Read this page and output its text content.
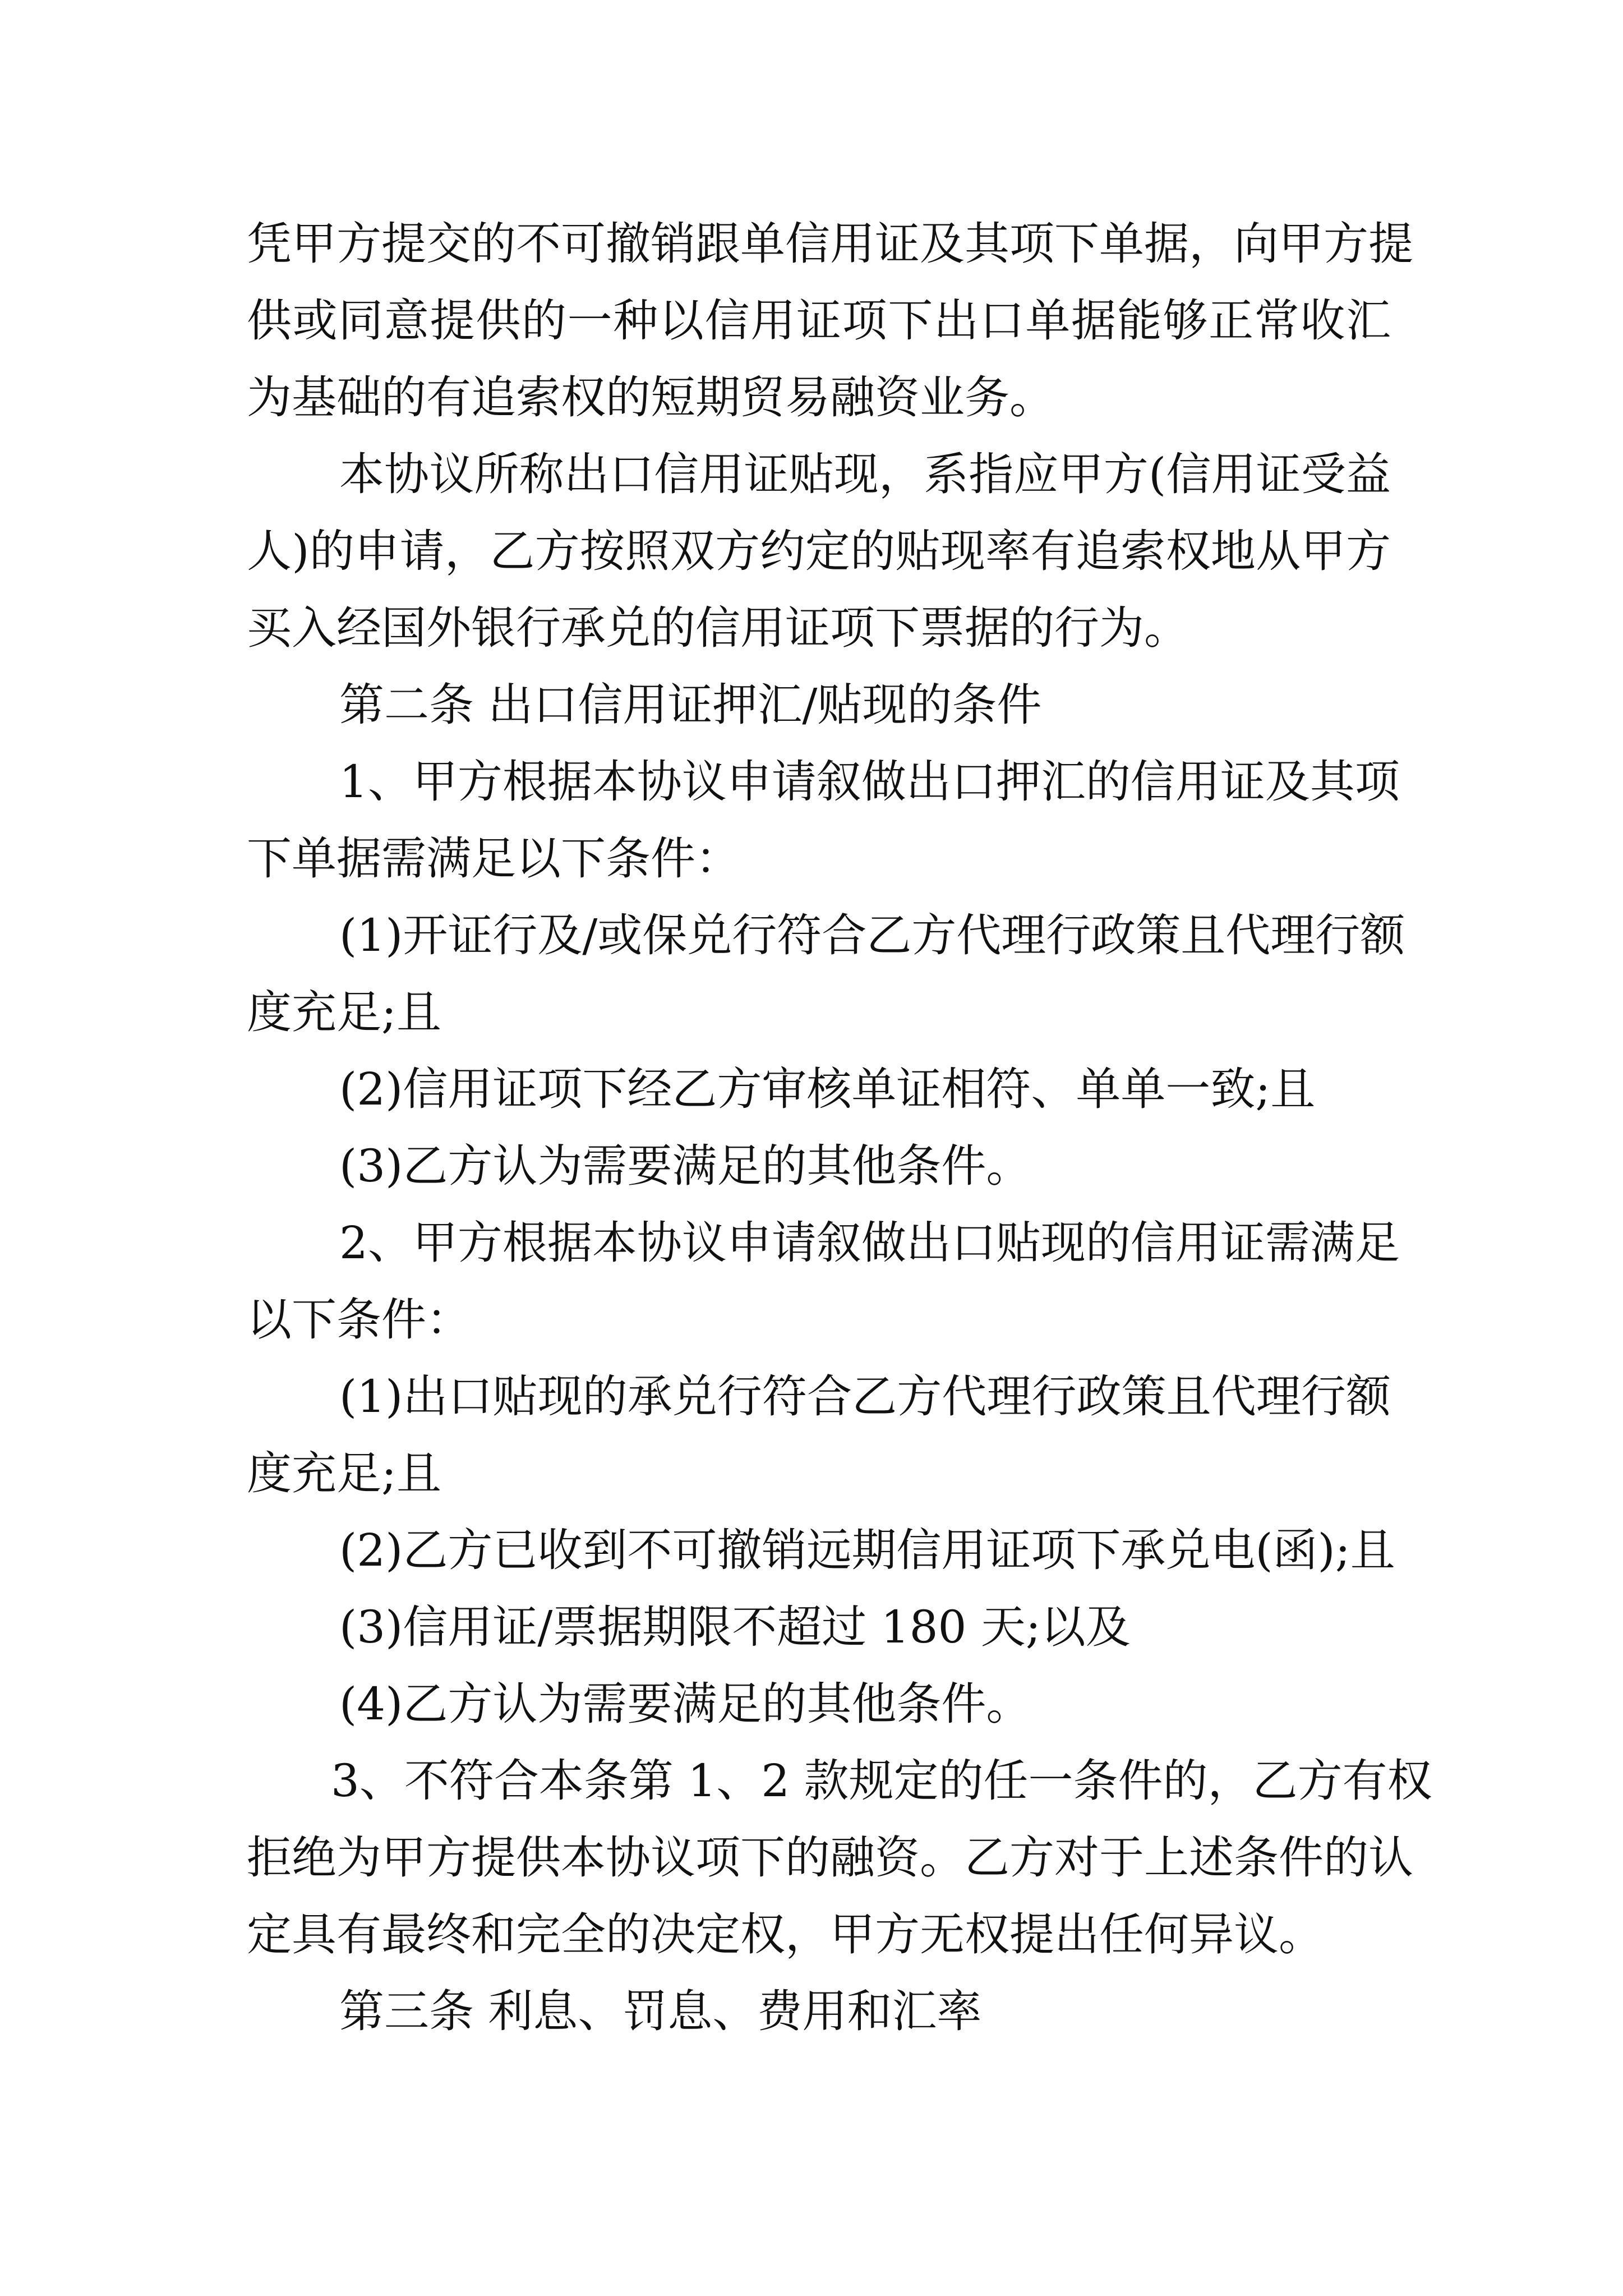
凭甲方提交的不可撤销跟单信用证及其项下单据，向甲方提
供或同意提供的一种以信用证项下出口单据能够正常收汇
为基础的有追索权的短期贸易融资业务。
本协议所称出口信用证贴现，系指应甲方(信用证受益
人)的申请，乙方按照双方约定的贴现率有追索权地从甲方
买入经国外银行承兑的信用证项下票据的行为。
第二条 出口信用证押汇/贴现的条件
1、甲方根据本协议申请叙做出口押汇的信用证及其项
下单据需满足以下条件：
(1)开证行及/或保兑行符合乙方代理行政策且代理行额
度充足;且
(2)信用证项下经乙方审核单证相符、单单一致;且
(3)乙方认为需要满足的其他条件。
2、甲方根据本协议申请叙做出口贴现的信用证需满足
以下条件：
(1)出口贴现的承兑行符合乙方代理行政策且代理行额
度充足;且
(2)乙方已收到不可撤销远期信用证项下承兑电(函);且
(3)信用证/票据期限不超过 180 天;以及
(4)乙方认为需要满足的其他条件。
3、不符合本条第 1、2 款规定的任一条件的，乙方有权
拒绝为甲方提供本协议项下的融资。乙方对于上述条件的认
定具有最终和完全的决定权，甲方无权提出任何异议。
第三条 利息、罚息、费用和汇率
